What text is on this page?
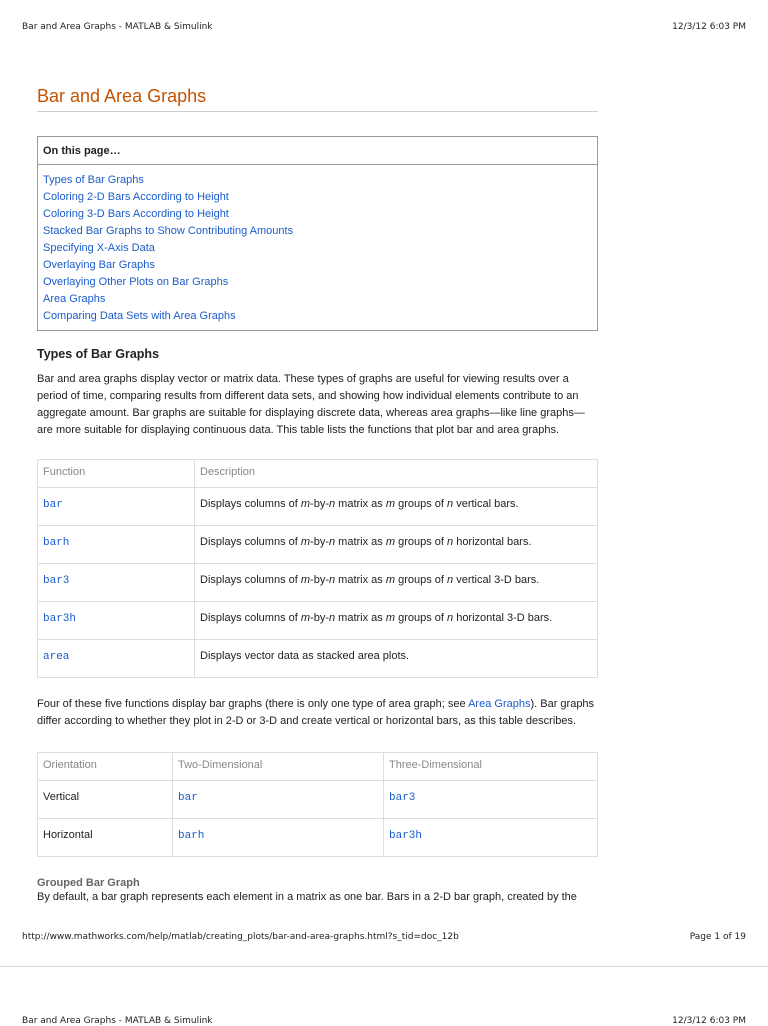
Bar and Area Graphs - MATLAB & Simulink	12/3/12 6:03 PM
Bar and Area Graphs
On this page…
Types of Bar Graphs
Coloring 2-D Bars According to Height
Coloring 3-D Bars According to Height
Stacked Bar Graphs to Show Contributing Amounts
Specifying X-Axis Data
Overlaying Bar Graphs
Overlaying Other Plots on Bar Graphs
Area Graphs
Comparing Data Sets with Area Graphs
Types of Bar Graphs

Bar and area graphs display vector or matrix data. These types of graphs are useful for viewing results over a period of time, comparing results from different data sets, and showing how individual elements contribute to an aggregate amount. Bar graphs are suitable for displaying discrete data, whereas area graphs—like line graphs—are more suitable for displaying continuous data. This table lists the functions that plot bar and area graphs.

Function	Description
bar	Displays columns of m-by-n matrix as m groups of n vertical bars.
barh	Displays columns of m-by-n matrix as m groups of n horizontal bars.
bar3	Displays columns of m-by-n matrix as m groups of n vertical 3-D bars.
bar3h	Displays columns of m-by-n matrix as m groups of n horizontal 3-D bars.
area	Displays vector data as stacked area plots.

Four of these five functions display bar graphs (there is only one type of area graph; see Area Graphs). Bar graphs differ according to whether they plot in 2-D or 3-D and create vertical or horizontal bars, as this table describes.

Orientation	Two-Dimensional	Three-Dimensional
Vertical	bar	bar3
Horizontal	barh	bar3h
Grouped Bar Graph

By default, a bar graph represents each element in a matrix as one bar. Bars in a 2-D bar graph, created by the

http://www.mathworks.com/help/matlab/creating_plots/bar-and-area-graphs.html?s_tid=doc_12b	Page 1 of 19
Bar and Area Graphs - MATLAB & Simulink	12/3/12 6:03 PM
